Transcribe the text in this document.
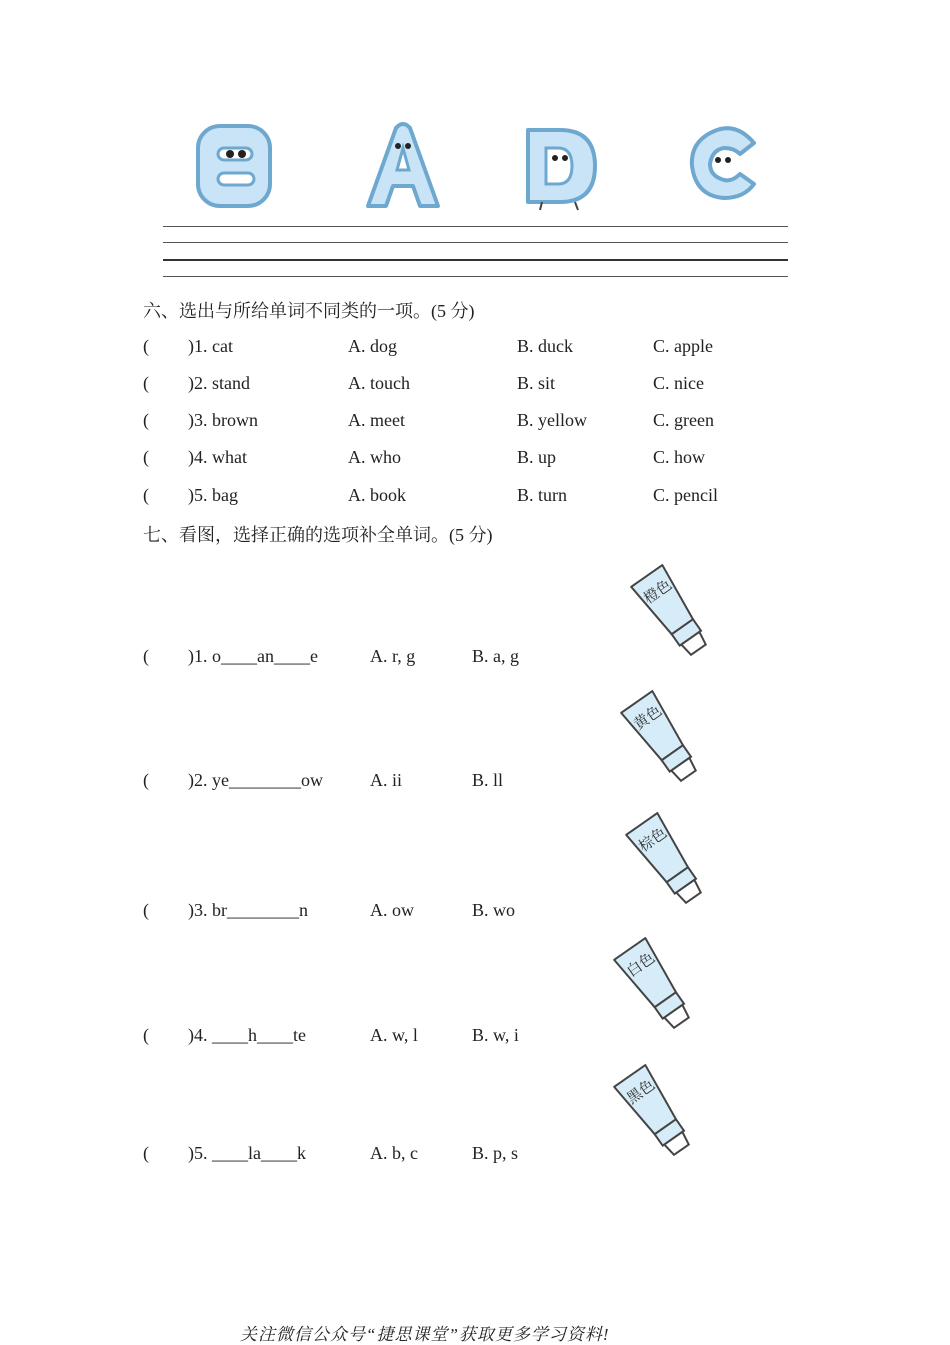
B	A	D	C
六、选出与所给单词不同类的一项。(5 分)
( )1. cat	A. dog	B. duck	C. apple
( )2. stand	A. touch	B. sit	C. nice
( )3. brown	A. meet	B. yellow	C. green
( )4. what	A. who	B. up	C. how
( )5. bag	A. book	B. turn	C. pencil
七、看图，选择正确的选项补全单词。(5 分)
( )1. o____an____e	A. r, g	B. a, g
( )2. ye________ow	A. ii	B. ll
( )3. br________n	A. ow	B. wo
( )4. ____h____te	A. w, l	B. w, i
( )5. ____la____k	A. b, c	B. p, s
橙色
黄色
棕色
白色
黑色
关注微信公众号“捷思课堂”获取更多学习资料!
